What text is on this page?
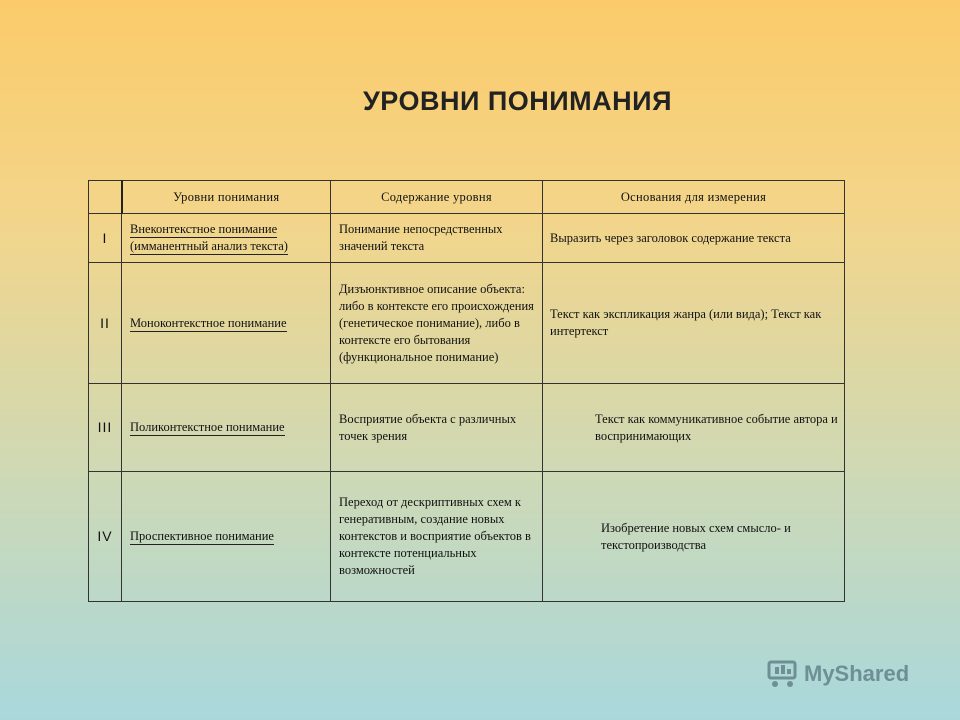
УРОВНИ ПОНИМАНИЯ
	Уровни понимания	Содержание уровня	Основания для измерения
I	Внеконтекстное понимание (имманентный анализ текста)	Понимание непосредственных значений текста	Выразить через заголовок содержание текста
II	Моноконтекстное понимание	Дизъюнктивное описание объекта: либо в контексте его происхождения (генетическое понимание), либо в контексте его бытования (функциональное понимание)	Текст как экспликация жанра (или вида); Текст как интертекст
III	Поликонтекстное понимание	Восприятие объекта с различных точек зрения	Текст как коммуникативное событие автора и воспринимающих
IV	Проспективное понимание	Переход от дескриптивных схем к генеративным, создание новых контекстов и восприятие объектов в контексте потенциальных возможностей	Изобретение новых схем смысло- и текстопроизводства
MyShared
